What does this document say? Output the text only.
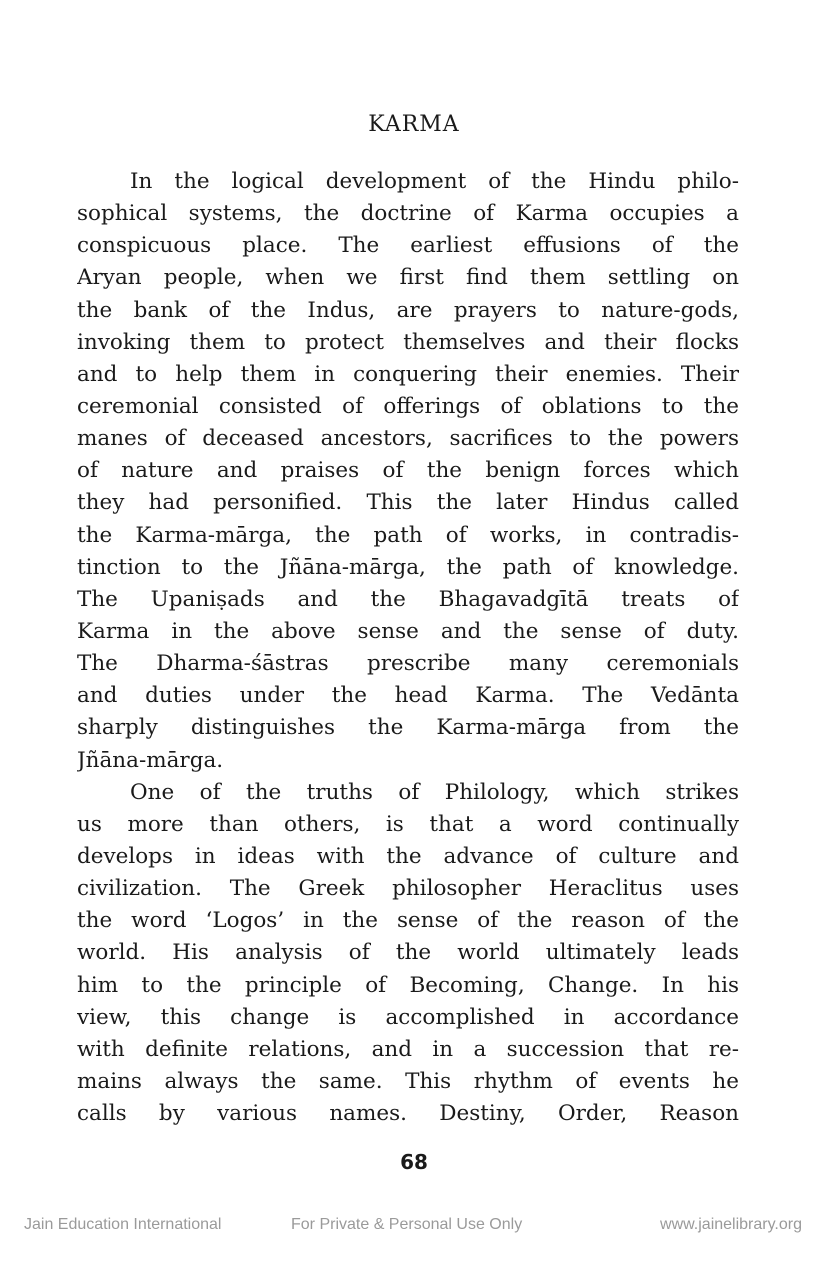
KARMA
In the logical development of the Hindu philo-
sophical systems, the doctrine of Karma occupies a
conspicuous place. The earliest effusions of the
Aryan people, when we first find them settling on
the bank of the Indus, are prayers to nature-gods,
invoking them to protect themselves and their flocks
and to help them in conquering their enemies. Their
ceremonial consisted of offerings of oblations to the
manes of deceased ancestors, sacrifices to the powers
of nature and praises of the benign forces which
they had personified. This the later Hindus called
the Karma-mārga, the path of works, in contradis-
tinction to the Jñāna-mārga, the path of knowledge.
The Upaniṣads and the Bhagavadgītā treats of
Karma in the above sense and the sense of duty.
The Dharma-śāstras prescribe many ceremonials
and duties under the head Karma. The Vedānta
sharply distinguishes the Karma-mārga from the
Jñāna-mārga.
One of the truths of Philology, which strikes
us more than others, is that a word continually
develops in ideas with the advance of culture and
civilization. The Greek philosopher Heraclitus uses
the word ‘Logos’ in the sense of the reason of the
world. His analysis of the world ultimately leads
him to the principle of Becoming, Change. In his
view, this change is accomplished in accordance
with definite relations, and in a succession that re-
mains always the same. This rhythm of events he
calls by various names. Destiny, Order, Reason
68
Jain Education International	For Private & Personal Use Only	www.jainelibrary.org
